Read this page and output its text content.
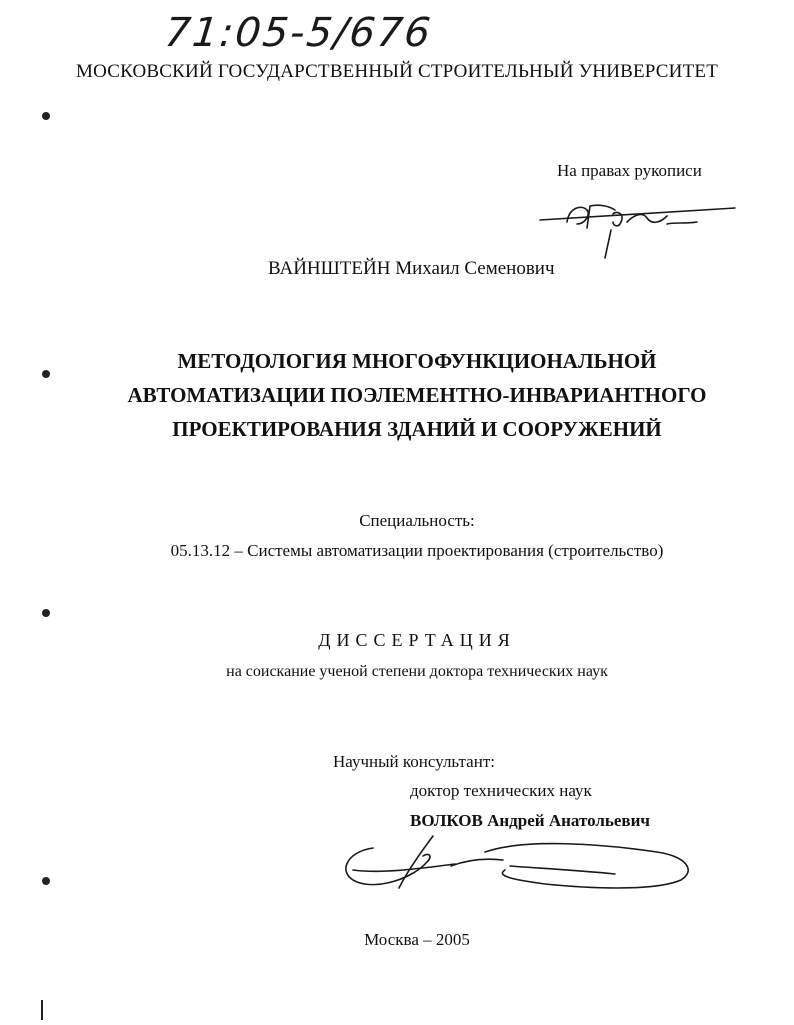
71:05-5/676
МОСКОВСКИЙ ГОСУДАРСТВЕННЫЙ СТРОИТЕЛЬНЫЙ УНИВЕРСИТЕТ
На правах рукописи
ВАЙНШТЕЙН Михаил Семенович
МЕТОДОЛОГИЯ МНОГОФУНКЦИОНАЛЬНОЙ
АВТОМАТИЗАЦИИ ПОЭЛЕМЕНТНО-ИНВАРИАНТНОГО
ПРОЕКТИРОВАНИЯ ЗДАНИЙ И СООРУЖЕНИЙ
Специальность:
05.13.12 – Системы автоматизации проектирования (строительство)
ДИССЕРТАЦИЯ
на соискание ученой степени доктора технических наук
Научный консультант:
доктор технических наук
ВОЛКОВ Андрей Анатольевич
Москва – 2005
